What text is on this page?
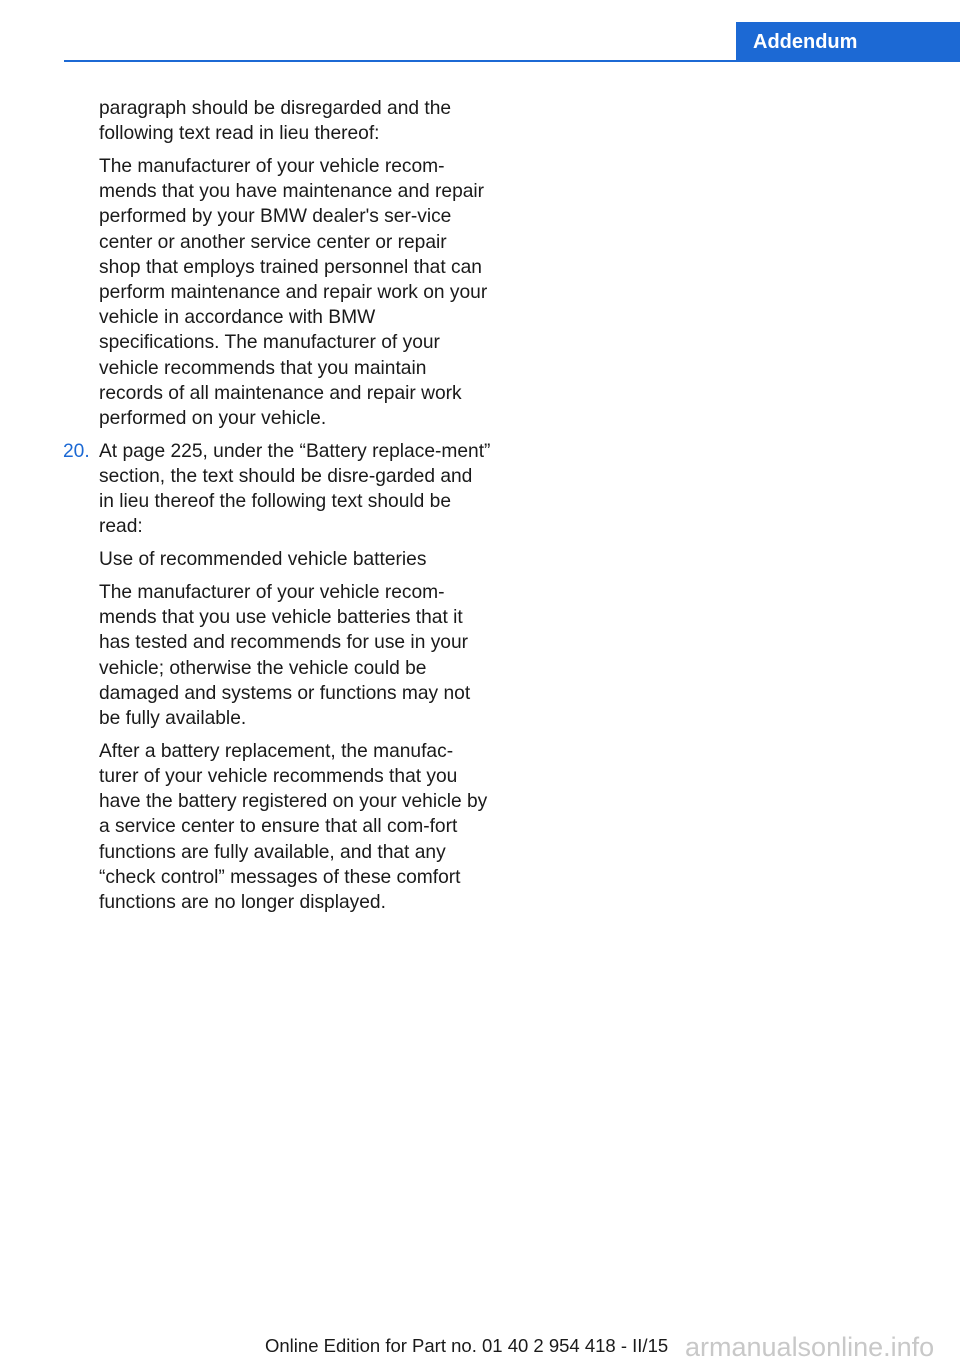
Addendum

paragraph should be disregarded and the following text read in lieu thereof:

The manufacturer of your vehicle recom-mends that you have maintenance and repair performed by your BMW dealer's ser-vice center or another service center or repair shop that employs trained personnel that can perform maintenance and repair work on your vehicle in accordance with BMW specifications. The manufacturer of your vehicle recommends that you maintain records of all maintenance and repair work performed on your vehicle.

20. At page 225, under the “Battery replace-ment” section, the text should be disre-garded and in lieu thereof the following text should be read:

Use of recommended vehicle batteries

The manufacturer of your vehicle recom-mends that you use vehicle batteries that it has tested and recommends for use in your vehicle; otherwise the vehicle could be damaged and systems or functions may not be fully available.

After a battery replacement, the manufac-turer of your vehicle recommends that you have the battery registered on your vehicle by a service center to ensure that all com-fort functions are fully available, and that any “check control” messages of these comfort functions are no longer displayed.

Online Edition for Part no. 01 40 2 954 418 - II/15 armanualsonline.info
